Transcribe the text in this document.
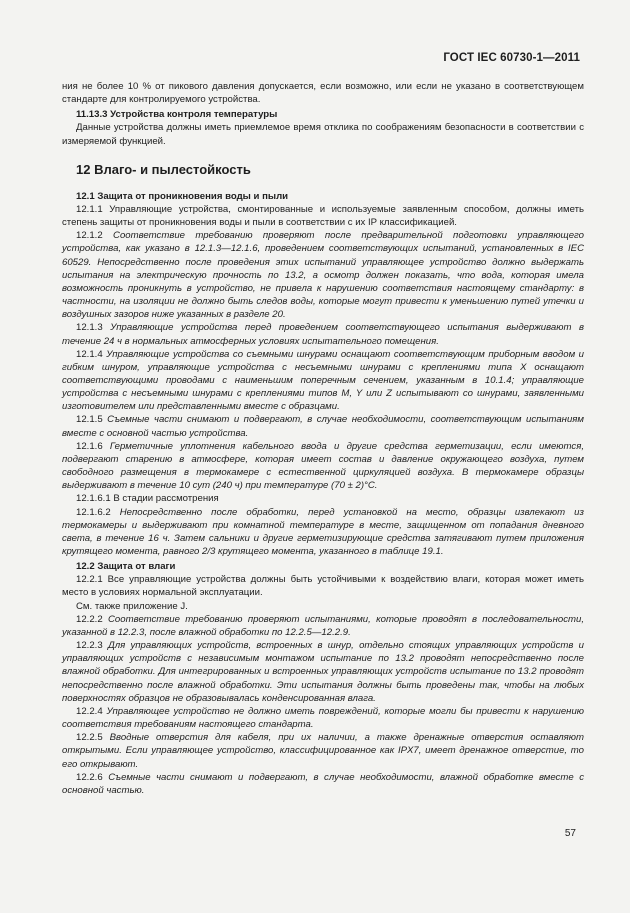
ГОСТ IEC 60730-1—2011

ния не более 10 % от пикового давления допускается, если возможно, или если не указано в соответствующем стандарте для контролируемого устройства.

11.13.3 Устройства контроля температуры

Данные устройства должны иметь приемлемое время отклика по соображениям безопасности в соответствии с измеряемой функцией.

12 Влаго- и пылестойкость

12.1 Защита от проникновения воды и пыли

12.1.1 Управляющие устройства, смонтированные и используемые заявленным способом, должны иметь степень защиты от проникновения воды и пыли в соответствии с их IP классификацией.

12.1.2 Соответствие требованию проверяют после предварительной подготовки управляющего устройства, как указано в 12.1.3—12.1.6, проведением соответствующих испытаний, установленных в IEC 60529. Непосредственно после проведения этих испытаний управляющее устройство должно выдержать испытания на электрическую прочность по 13.2, а осмотр должен показать, что вода, которая имела возможность проникнуть в устройство, не привела к нарушению соответствия настоящему стандарту: в частности, на изоляции не должно быть следов воды, которые могут привести к уменьшению путей утечки и воздушных зазоров ниже указанных в разделе 20.

12.1.3 Управляющие устройства перед проведением соответствующего испытания выдерживают в течение 24 ч в нормальных атмосферных условиях испытательного помещения.

12.1.4 Управляющие устройства со съемными шнурами оснащают соответствующим приборным вводом и гибким шнуром, управляющие устройства с несъемными шнурами с креплениями типа X оснащают соответствующими проводами с наименьшим поперечным сечением, указанным в 10.1.4; управляющие устройства с несъемными шнурами с креплениями типов M, Y или Z испытывают со шнурами, заявленными изготовителем или представленными вместе с образцами.

12.1.5 Съемные части снимают и подвергают, в случае необходимости, соответствующим испытаниям вместе с основной частью устройства.

12.1.6 Герметичные уплотнения кабельного ввода и другие средства герметизации, если имеются, подвергают старению в атмосфере, которая имеет состав и давление окружающего воздуха, путем свободного размещения в термокамере с естественной циркуляцией воздуха. В термокамере образцы выдерживают в течение 10 сут (240 ч) при температуре (70 ± 2)°С.

12.1.6.1 В стадии рассмотрения

12.1.6.2 Непосредственно после обработки, перед установкой на место, образцы извлекают из термокамеры и выдерживают при комнатной температуре в месте, защищенном от попадания дневного света, в течение 16 ч. Затем сальники и другие герметизирующие средства затягивают путем приложения крутящего момента, равного 2/3 крутящего момента, указанного в таблице 19.1.

12.2 Защита от влаги

12.2.1 Все управляющие устройства должны быть устойчивыми к воздействию влаги, которая может иметь место в условиях нормальной эксплуатации.

См. также приложение J.

12.2.2 Соответствие требованию проверяют испытаниями, которые проводят в последовательности, указанной в 12.2.3, после влажной обработки по 12.2.5—12.2.9.

12.2.3 Для управляющих устройств, встроенных в шнур, отдельно стоящих управляющих устройств и управляющих устройств с независимым монтажом испытание по 13.2 проводят непосредственно после влажной обработки. Для интегрированных и встроенных управляющих устройств испытание по 13.2 проводят непосредственно после влажной обработки. Эти испытания должны быть проведены так, чтобы на любых поверхностях образцов не образовывалась конденсированная влага.

12.2.4 Управляющее устройство не должно иметь повреждений, которые могли бы привести к нарушению соответствия требованиям настоящего стандарта.

12.2.5 Вводные отверстия для кабеля, при их наличии, а также дренажные отверстия оставляют открытыми. Если управляющее устройство, классифицированное как IPX7, имеет дренажное отверстие, то его открывают.

12.2.6 Съемные части снимают и подвергают, в случае необходимости, влажной обработке вместе с основной частью.

57
